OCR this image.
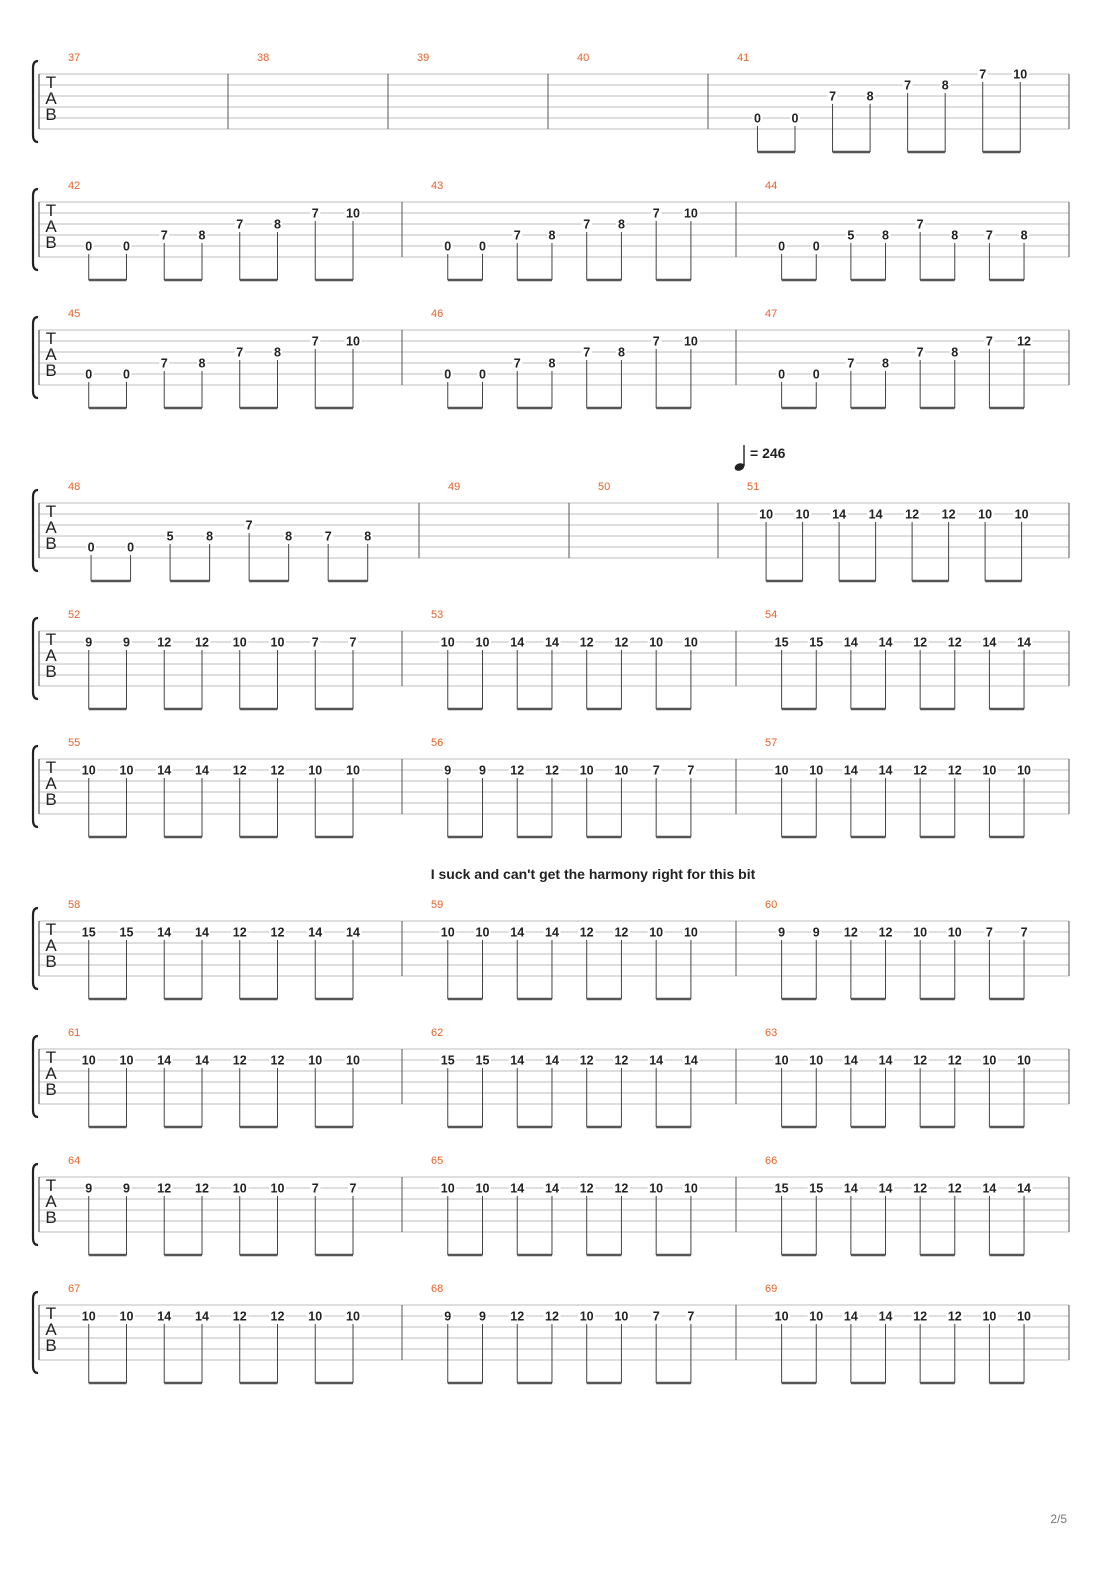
T
A
B
37	38	39	40	41
0 0
7 8
7 8
7 10
T
A
B
42
0 0
7 8
7 8
7 10
43
0 0
7 8
7 8
7 10
44
0 0
5 8
7
8 7 8
T
A
B
45
0 0
7 8
7 8
7 10
46
0 0
7 8
7 8
7 10
47
0 0
7 8
7 8
7 12
T
A
B
48
0	0
5	8
7
8	7	8
49	50	51
10 10 14 14 12 12 10 10
T
A
B
52
9 9 12 12 10 10 7 7
53
10 10 14 14 12 12 10 10
54
15 15 14 14 12 12 14 14
T
A
B
55
10 10 14 14 12 12 10 10
56
9 9 12 12 10 10 7 7
57
10 10 14 14 12 12 10 10
T
A
B
58
15 15 14 14 12 12 14 14
59
10 10 14 14 12 12 10 10
60
9 9 12 12 10 10 7 7
T
A
B
61
10 10 14 14 12 12 10 10
62
15 15 14 14 12 12 14 14
63
10 10 14 14 12 12 10 10
T
A
B
64
9 9 12 12 10 10 7 7
65
10 10 14 14 12 12 10 10
66
15 15 14 14 12 12 14 14
T
A
B
67
10 10 14 14 12 12 10 10
68
9 9 12 12 10 10 7 7
69
10 10 14 14 12 12 10 10
= 246
I suck and can't get the harmony right for this bit
2/5
